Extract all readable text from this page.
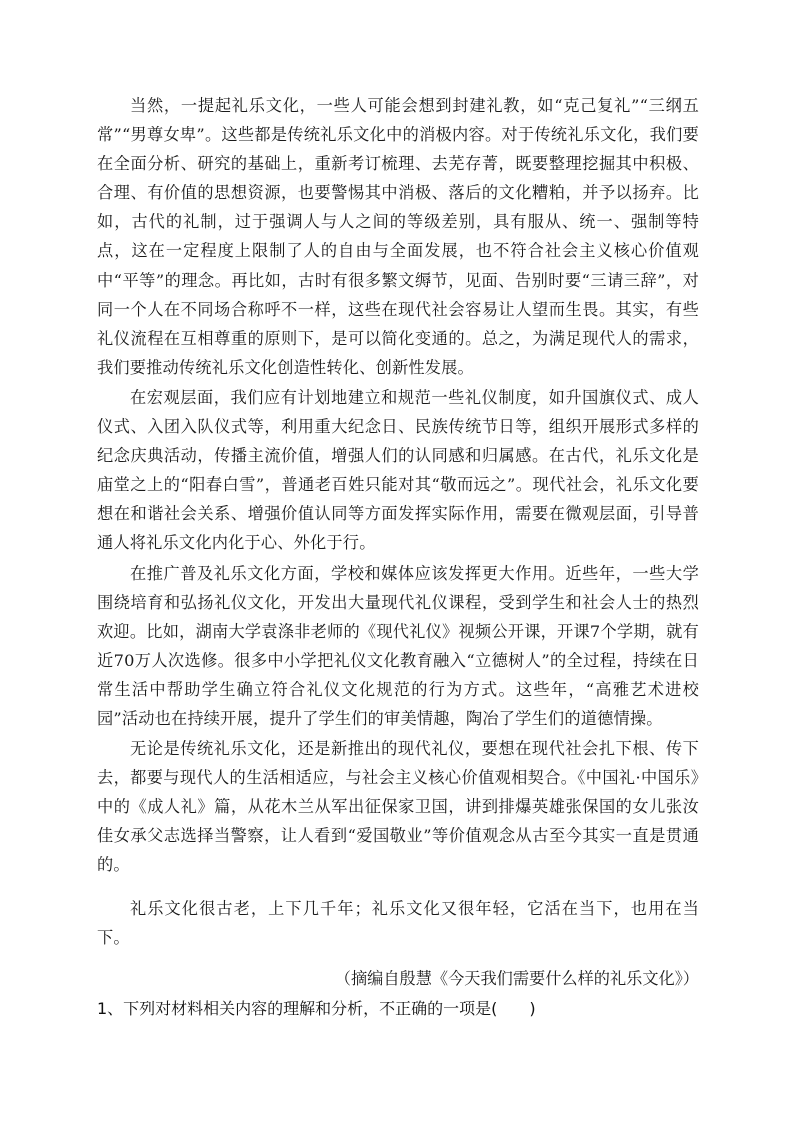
当然，一提起礼乐文化，一些人可能会想到封建礼教，如“克己复礼”“三纲五常”“男尊女卑”。这些都是传统礼乐文化中的消极内容。对于传统礼乐文化，我们要在全面分析、研究的基础上，重新考订梳理、去芜存菁，既要整理挖掘其中积极、合理、有价值的思想资源，也要警惕其中消极、落后的文化糟粕，并予以扬弃。比如，古代的礼制，过于强调人与人之间的等级差别，具有服从、统一、强制等特点，这在一定程度上限制了人的自由与全面发展，也不符合社会主义核心价值观中“平等”的理念。再比如，古时有很多繁文缛节，见面、告别时要“三请三辞”，对同一个人在不同场合称呼不一样，这些在现代社会容易让人望而生畏。其实，有些礼仪流程在互相尊重的原则下，是可以简化变通的。总之，为满足现代人的需求，我们要推动传统礼乐文化创造性转化、创新性发展。

在宏观层面，我们应有计划地建立和规范一些礼仪制度，如升国旗仪式、成人仪式、入团入队仪式等，利用重大纪念日、民族传统节日等，组织开展形式多样的纪念庆典活动，传播主流价值，增强人们的认同感和归属感。在古代，礼乐文化是庙堂之上的“阳春白雪”，普通老百姓只能对其“敬而远之”。现代社会，礼乐文化要想在和谐社会关系、增强价值认同等方面发挥实际作用，需要在微观层面，引导普通人将礼乐文化内化于心、外化于行。

在推广普及礼乐文化方面，学校和媒体应该发挥更大作用。近些年，一些大学围绕培育和弘扬礼仪文化，开发出大量现代礼仪课程，受到学生和社会人士的热烈欢迎。比如，湖南大学袁涤非老师的《现代礼仪》视频公开课，开课7个学期，就有近70万人次选修。很多中小学把礼仪文化教育融入“立德树人”的全过程，持续在日常生活中帮助学生确立符合礼仪文化规范的行为方式。这些年，“高雅艺术进校园”活动也在持续开展，提升了学生们的审美情趣，陶冶了学生们的道德情操。

无论是传统礼乐文化，还是新推出的现代礼仪，要想在现代社会扎下根、传下去，都要与现代人的生活相适应，与社会主义核心价值观相契合。《中国礼·中国乐》中的《成人礼》篇，从花木兰从军出征保家卫国，讲到排爆英雄张保国的女儿张汝佳女承父志选择当警察，让人看到“爱国敬业”等价值观念从古至今其实一直是贯通的。

礼乐文化很古老，上下几千年；礼乐文化又很年轻，它活在当下，也用在当下。

（摘编自殷慧《今天我们需要什么样的礼乐文化》）

1、下列对材料相关内容的理解和分析，不正确的一项是(　　)
